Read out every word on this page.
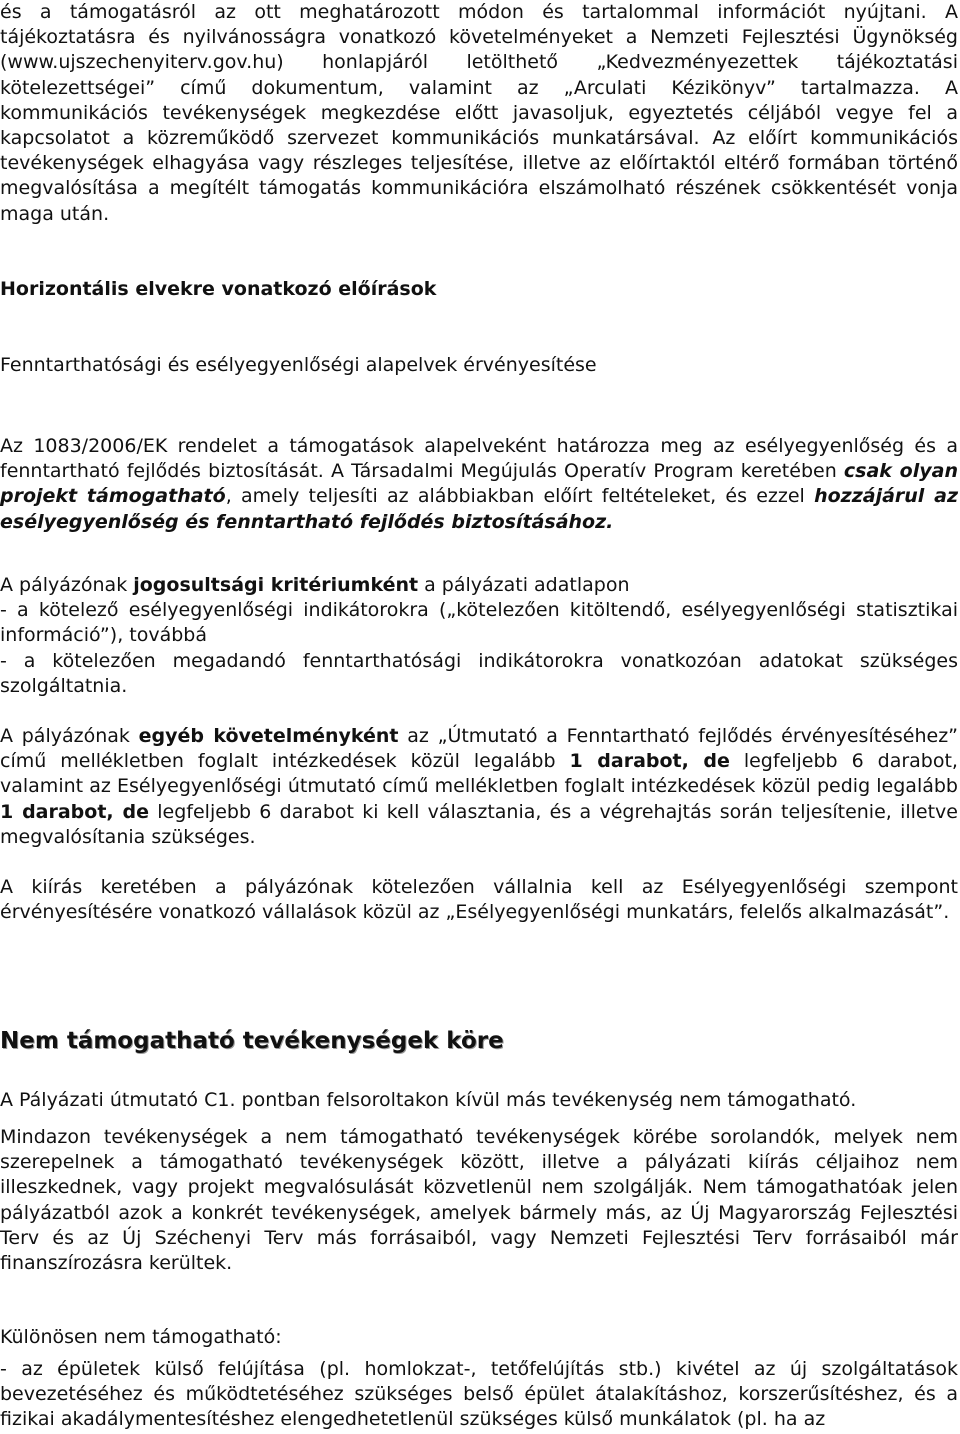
és a támogatásról az ott meghatározott módon és tartalommal információt nyújtani. A tájékoztatásra és nyilvánosságra vonatkozó követelményeket a Nemzeti Fejlesztési Ügynökség (www.ujszechenyiterv.gov.hu) honlapjáról letölthető „Kedvezményezettek tájékoztatási kötelezettségei” című dokumentum, valamint az „Arculati Kézikönyv” tartalmazza. A kommunikációs tevékenységek megkezdése előtt javasoljuk, egyeztetés céljából vegye fel a kapcsolatot a közreműködő szervezet kommunikációs munkatársával. Az előírt kommunikációs tevékenységek elhagyása vagy részleges teljesítése, illetve az előírtaktól eltérő formában történő megvalósítása a megítélt támogatás kommunikációra elszámolható részének csökkentését vonja maga után.

Horizontális elvekre vonatkozó előírások

Fenntarthatósági és esélyegyenlőségi alapelvek érvényesítése

Az 1083/2006/EK rendelet a támogatások alapelveként határozza meg az esélyegyenlőség és a fenntartható fejlődés biztosítását. A Társadalmi Megújulás Operatív Program keretében csak olyan projekt támogatható, amely teljesíti az alábbiakban előírt feltételeket, és ezzel hozzájárul az esélyegyenlőség és fenntartható fejlődés biztosításához.

A pályázónak jogosultsági kritériumként a pályázati adatlapon

- a kötelező esélyegyenlőségi indikátorokra („kötelezően kitöltendő, esélyegyenlőségi statisztikai információ”), továbbá

- a kötelezően megadandó fenntarthatósági indikátorokra vonatkozóan adatokat szükséges szolgáltatnia.

A pályázónak egyéb követelményként az „Útmutató a Fenntartható fejlődés érvényesítéséhez” című mellékletben foglalt intézkedések közül legalább 1 darabot, de legfeljebb 6 darabot, valamint az Esélyegyenlőségi útmutató című mellékletben foglalt intézkedések közül pedig legalább 1 darabot, de legfeljebb 6 darabot ki kell választania, és a végrehajtás során teljesítenie, illetve megvalósítania szükséges.

A kiírás keretében a pályázónak kötelezően vállalnia kell az Esélyegyenlőségi szempont érvényesítésére vonatkozó vállalások közül az „Esélyegyenlőségi munkatárs, felelős alkalmazását”.

Nem támogatható tevékenységek köre

A Pályázati útmutató C1. pontban felsoroltakon kívül más tevékenység nem támogatható.

Mindazon tevékenységek a nem támogatható tevékenységek körébe sorolandók, melyek nem szerepelnek a támogatható tevékenységek között, illetve a pályázati kiírás céljaihoz nem illeszkednek, vagy projekt megvalósulását közvetlenül nem szolgálják. Nem támogathatóak jelen pályázatból azok a konkrét tevékenységek, amelyek bármely más, az Új Magyarország Fejlesztési Terv és az Új Széchenyi Terv más forrásaiból, vagy Nemzeti Fejlesztési Terv forrásaiból már finanszírozásra kerültek.

Különösen nem támogatható:

- az épületek külső felújítása (pl. homlokzat-, tetőfelújítás stb.) kivétel az új szolgáltatások bevezetéséhez és működtetéséhez szükséges belső épület átalakításhoz, korszerűsítéshez, és a fizikai akadálymentesítéshez elengedhetetlenül szükséges külső munkálatok (pl. ha az
